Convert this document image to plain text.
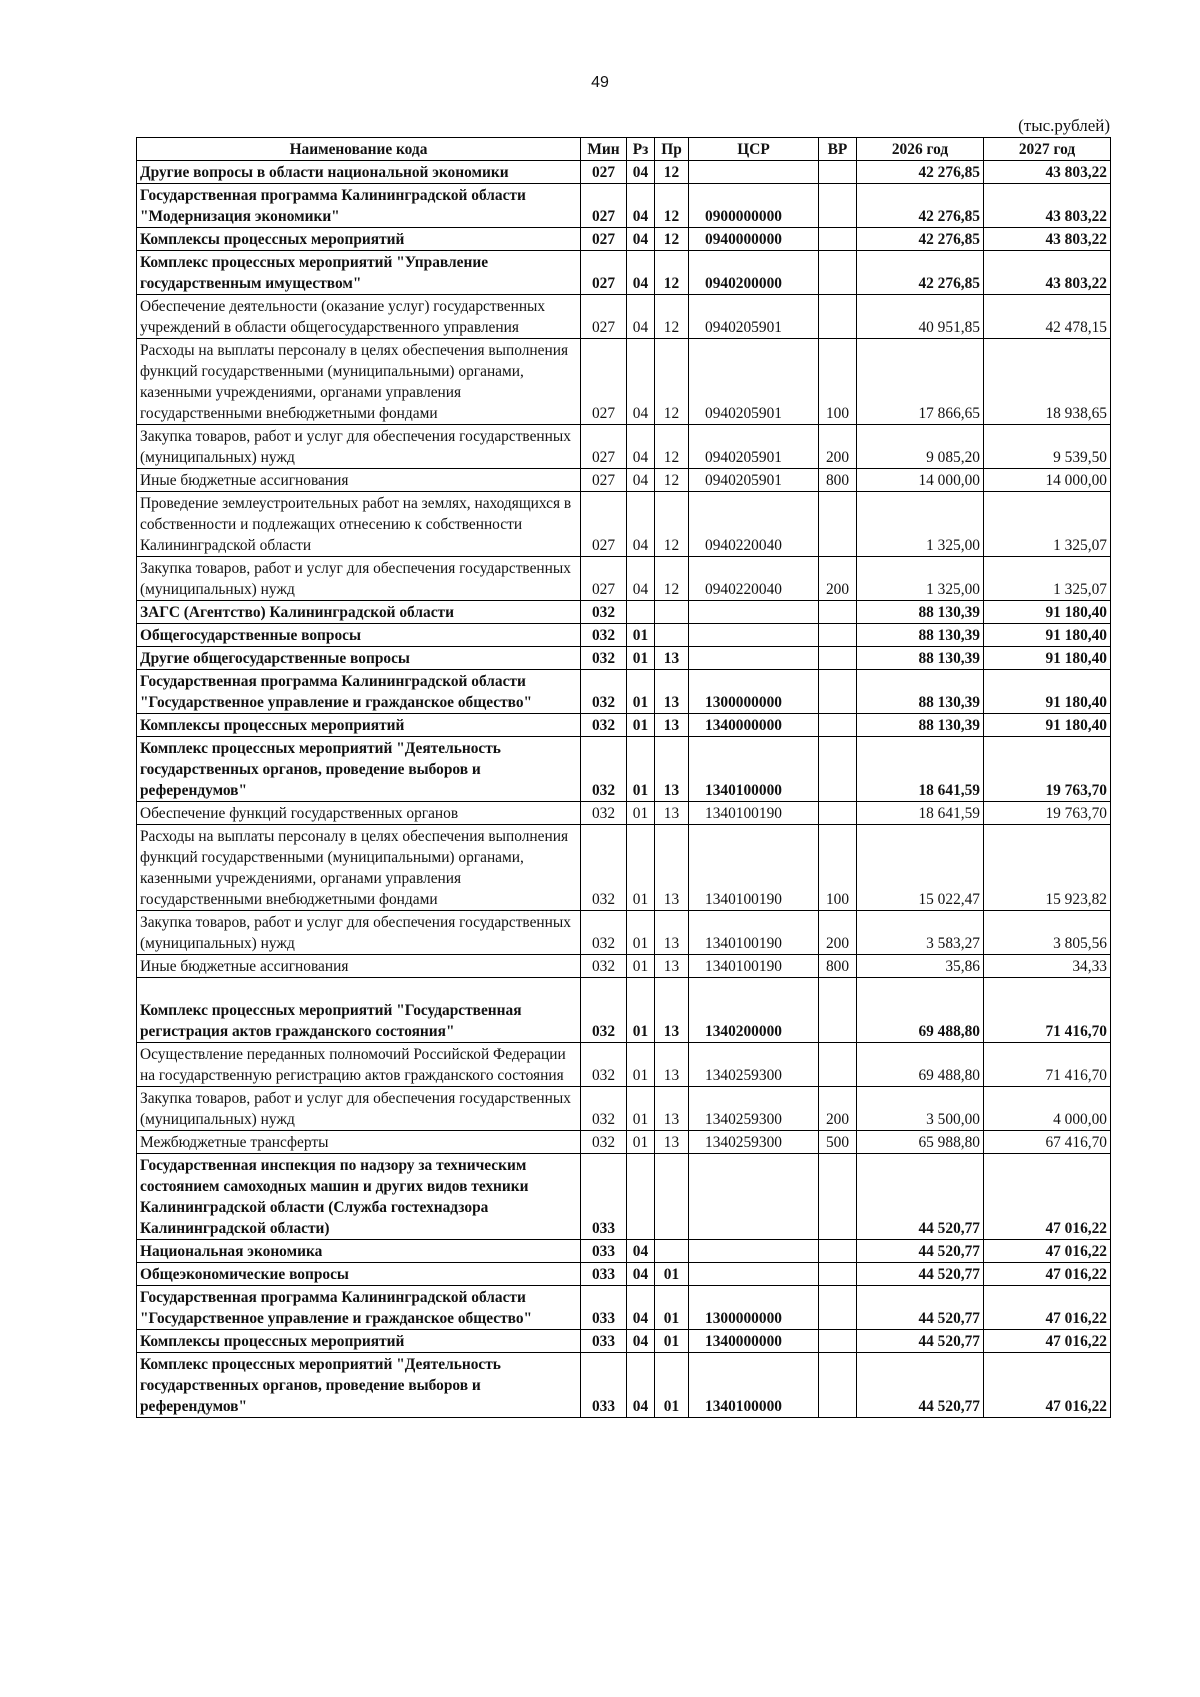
49
(тыс.рублей)
Наименование кода	Мин	Рз	Пр	ЦСР	ВР	2026 год	2027 год
Другие вопросы в области национальной экономики	027	04	12			42 276,85	43 803,22
Государственная программа Калининградской области "Модернизация экономики"	027	04	12	0900000000		42 276,85	43 803,22
Комплексы процессных мероприятий	027	04	12	0940000000		42 276,85	43 803,22
Комплекс процессных мероприятий "Управление государственным имуществом"	027	04	12	0940200000		42 276,85	43 803,22
Обеспечение деятельности (оказание услуг) государственных учреждений в области общегосударственного управления	027	04	12	0940205901		40 951,85	42 478,15
Расходы на выплаты персоналу в целях обеспечения выполнения функций государственными (муниципальными) органами, казенными учреждениями, органами управления государственными внебюджетными фондами	027	04	12	0940205901	100	17 866,65	18 938,65
Закупка товаров, работ и услуг для обеспечения государственных (муниципальных) нужд	027	04	12	0940205901	200	9 085,20	9 539,50
Иные бюджетные ассигнования	027	04	12	0940205901	800	14 000,00	14 000,00
Проведение землеустроительных работ на землях, находящихся в собственности и подлежащих отнесению к собственности Калининградской области	027	04	12	0940220040		1 325,00	1 325,07
Закупка товаров, работ и услуг для обеспечения государственных (муниципальных) нужд	027	04	12	0940220040	200	1 325,00	1 325,07
ЗАГС (Агентство) Калининградской области	032					88 130,39	91 180,40
Общегосударственные вопросы	032	01				88 130,39	91 180,40
Другие общегосударственные вопросы	032	01	13			88 130,39	91 180,40
Государственная программа Калининградской области "Государственное управление и гражданское общество"	032	01	13	1300000000		88 130,39	91 180,40
Комплексы процессных мероприятий	032	01	13	1340000000		88 130,39	91 180,40
Комплекс процессных мероприятий "Деятельность государственных органов, проведение выборов и референдумов"	032	01	13	1340100000		18 641,59	19 763,70
Обеспечение функций государственных органов	032	01	13	1340100190		18 641,59	19 763,70
Расходы на выплаты персоналу в целях обеспечения выполнения функций государственными (муниципальными) органами, казенными учреждениями, органами управления государственными внебюджетными фондами	032	01	13	1340100190	100	15 022,47	15 923,82
Закупка товаров, работ и услуг для обеспечения государственных (муниципальных) нужд	032	01	13	1340100190	200	3 583,27	3 805,56
Иные бюджетные ассигнования	032	01	13	1340100190	800	35,86	34,33
Комплекс процессных мероприятий "Государственная регистрация актов гражданского состояния"	032	01	13	1340200000		69 488,80	71 416,70
Осуществление переданных полномочий Российской Федерации на государственную регистрацию актов гражданского состояния	032	01	13	1340259300		69 488,80	71 416,70
Закупка товаров, работ и услуг для обеспечения государственных (муниципальных) нужд	032	01	13	1340259300	200	3 500,00	4 000,00
Межбюджетные трансферты	032	01	13	1340259300	500	65 988,80	67 416,70
Государственная инспекция по надзору за техническим состоянием самоходных машин и других видов техники Калининградской области (Служба гостехнадзора Калининградской области)	033					44 520,77	47 016,22
Национальная экономика	033	04				44 520,77	47 016,22
Общеэкономические вопросы	033	04	01			44 520,77	47 016,22
Государственная программа Калининградской области "Государственное управление и гражданское общество"	033	04	01	1300000000		44 520,77	47 016,22
Комплексы процессных мероприятий	033	04	01	1340000000		44 520,77	47 016,22
Комплекс процессных мероприятий "Деятельность государственных органов, проведение выборов и референдумов"	033	04	01	1340100000		44 520,77	47 016,22
